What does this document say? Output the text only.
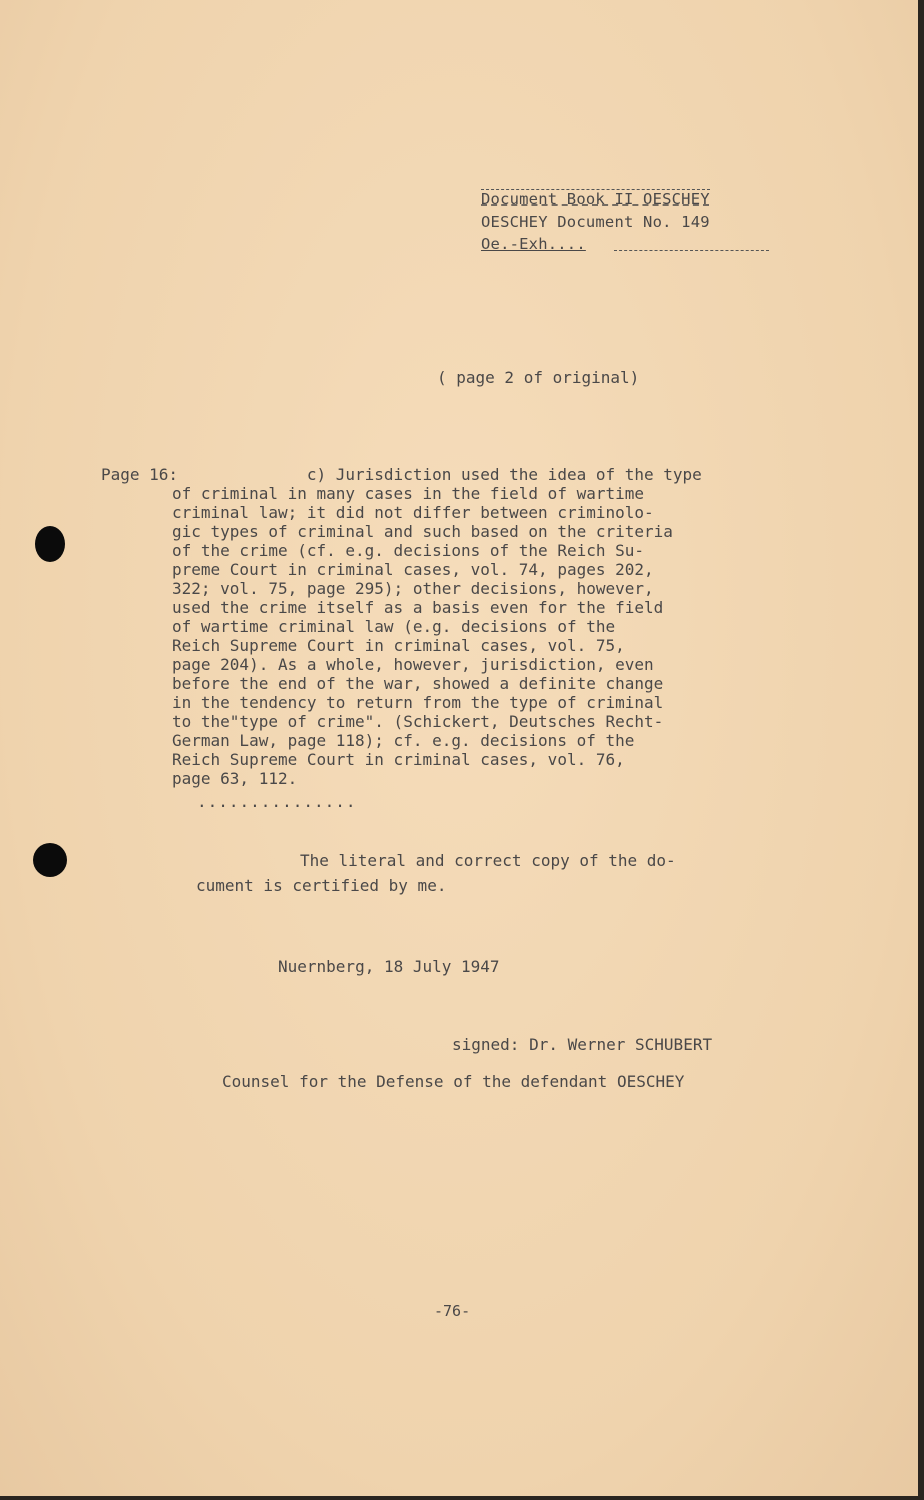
Document Book II OESCHEY
OESCHEY Document No. 149
Oe.-Exh....
( page 2 of original)
Page 16:
c) Jurisdiction used the idea of the type
of criminal in many cases in the field of wartime
criminal law; it did not differ between criminolo-
gic types of criminal and such based on the criteria
of the crime (cf. e.g. decisions of the Reich Su-
preme Court in criminal cases, vol. 74, pages 202,
322; vol. 75, page 295); other decisions, however,
used the crime itself as a basis even for the field
of wartime criminal law (e.g. decisions of the
Reich Supreme Court in criminal cases, vol. 75,
page 204). As a whole, however, jurisdiction, even
before the end of the war, showed a definite change
in the tendency to return from the type of criminal
to the"type of crime". (Schickert, Deutsches Recht-
German Law, page 118); cf. e.g. decisions of the
Reich Supreme Court in criminal cases, vol. 76,
page 63, 112.
...............
The literal and correct copy of the do-
cument is certified by me.
Nuernberg, 18 July 1947
signed: Dr. Werner SCHUBERT
Counsel for the Defense of the defendant OESCHEY
-76-
